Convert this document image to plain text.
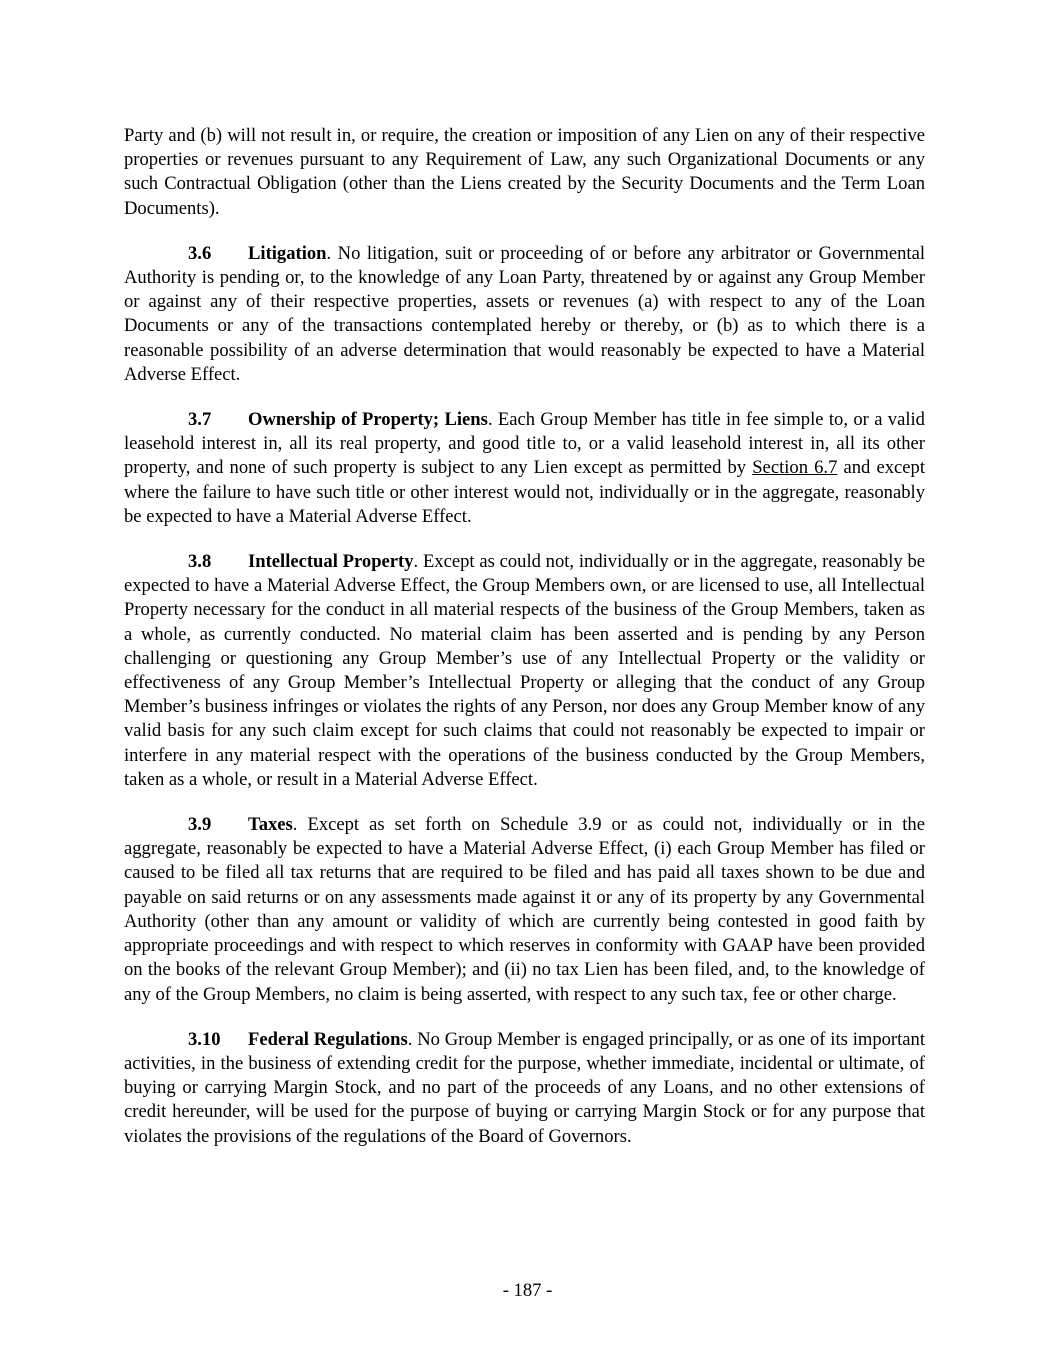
Party and (b) will not result in, or require, the creation or imposition of any Lien on any of their respective properties or revenues pursuant to any Requirement of Law, any such Organizational Documents or any such Contractual Obligation (other than the Liens created by the Security Documents and the Term Loan Documents).

3.6 Litigation. No litigation, suit or proceeding of or before any arbitrator or Governmental Authority is pending or, to the knowledge of any Loan Party, threatened by or against any Group Member or against any of their respective properties, assets or revenues (a) with respect to any of the Loan Documents or any of the transactions contemplated hereby or thereby, or (b) as to which there is a reasonable possibility of an adverse determination that would reasonably be expected to have a Material Adverse Effect.

3.7 Ownership of Property; Liens. Each Group Member has title in fee simple to, or a valid leasehold interest in, all its real property, and good title to, or a valid leasehold interest in, all its other property, and none of such property is subject to any Lien except as permitted by Section 6.7 and except where the failure to have such title or other interest would not, individually or in the aggregate, reasonably be expected to have a Material Adverse Effect.

3.8 Intellectual Property. Except as could not, individually or in the aggregate, reasonably be expected to have a Material Adverse Effect, the Group Members own, or are licensed to use, all Intellectual Property necessary for the conduct in all material respects of the business of the Group Members, taken as a whole, as currently conducted. No material claim has been asserted and is pending by any Person challenging or questioning any Group Member’s use of any Intellectual Property or the validity or effectiveness of any Group Member’s Intellectual Property or alleging that the conduct of any Group Member’s business infringes or violates the rights of any Person, nor does any Group Member know of any valid basis for any such claim except for such claims that could not reasonably be expected to impair or interfere in any material respect with the operations of the business conducted by the Group Members, taken as a whole, or result in a Material Adverse Effect.

3.9 Taxes. Except as set forth on Schedule 3.9 or as could not, individually or in the aggregate, reasonably be expected to have a Material Adverse Effect, (i) each Group Member has filed or caused to be filed all tax returns that are required to be filed and has paid all taxes shown to be due and payable on said returns or on any assessments made against it or any of its property by any Governmental Authority (other than any amount or validity of which are currently being contested in good faith by appropriate proceedings and with respect to which reserves in conformity with GAAP have been provided on the books of the relevant Group Member); and (ii) no tax Lien has been filed, and, to the knowledge of any of the Group Members, no claim is being asserted, with respect to any such tax, fee or other charge.

3.10 Federal Regulations. No Group Member is engaged principally, or as one of its important activities, in the business of extending credit for the purpose, whether immediate, incidental or ultimate, of buying or carrying Margin Stock, and no part of the proceeds of any Loans, and no other extensions of credit hereunder, will be used for the purpose of buying or carrying Margin Stock or for any purpose that violates the provisions of the regulations of the Board of Governors.

- 187 -
